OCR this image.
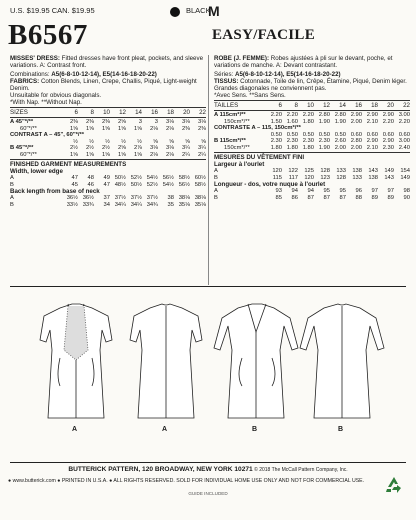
U.S. $19.95 CAN. $19.95	BLACK
M
B6567	EASY/FACILE
MISSES' DRESS: Fitted dresses have front pleat, pockets, and sleeve variations. A: Contrast front.
Combinations: A5(6-8-10-12-14), E5(14-16-18-20-22)
FABRICS: Cotton Blends, Linen, Crepe, Challis, Piqué, Light-weight Denim.
Unsuitable for obvious diagonals.
*With Nap. **Without Nap.
SIZES	6	8	10	12	14	16	18	20	22
A 45"*/**	2⅜	2⅜	2⅜	2⅝	3	3	3⅛	3⅛	3⅛
60"*/**	1⅝	1⅝	1⅝	1⅝	1⅝	2⅛	2⅛	2⅜	2⅜
CONTRAST A – 45", 60"*/**
½	½	½	½	½	⅝	⅝	⅝	⅝
B 45"*/**	2½	2½	2½	2⅝	2⅞	3⅛	3⅛	3¼	3¼
60"*/**	1⅝	1⅝	1⅝	1⅝	1⅝	2⅛	2⅛	2¼	2¼
FINISHED GARMENT MEASUREMENTS
Width, lower edge
A	47	48	49 50½ 52½ 54½ 56½ 58½ 60½
B	45	46	47 48½ 50½ 52½ 54½ 56½ 58½
Back length from base of neck
A	36½ 36½	37 37½ 37½ 37½	38 38⅛ 38⅛
B	33½ 33¾	34 34¼ 34¼ 34¾	35 35⅛ 35⅛
ROBE (J. FEMME): Robes ajustées à pli sur le devant, poche, et variations de manche. A: Devant contrastant.
Séries: A5(6-8-10-12-14), E5(14-16-18-20-22)
TISSUS: Cotonnade, Toile de lin, Crêpe, Étamine, Piqué, Denim léger.
Grandes diagonales ne conviennent pas.
*Avec Sens. **Sans Sens.
TAILLES	6	8	10	12	14	16	18	20	22
A 115cm*/**	2.20 2.20 2.20 2.80 2.80 2.90 2.90 2.90 3.00
150cm*/**	1.50 1.60 1.80 1.90 1.90 2.00 2.10 2.20 2.20
CONTRASTE A – 115, 150cm*/**
0.50 0.50 0.50 0.50 0.50 0.60 0.60 0.60 0.60
B 115cm*/**	2.30 2.30 2.30 2.30 2.60 2.80 2.90 2.90 3.00
150cm*/**	1.80 1.80 1.80 1.90 2.00 2.00 2.10 2.30 2.40
MESURES DU VÊTEMENT FINI
Largeur à l'ourlet
A	120	122	125	128	133	138	143	149	154
B	115	117	120	123	128	133	138	143	149
Longueur - dos, votre nuque à l'ourlet
A	93	94	94	95	95	96	97	97	98
B	85	86	87	87	87	88	89	89	90
A	A	B	B
BUTTERICK PATTERN, 120 BROADWAY, NEW YORK 10271 © 2018 The McCall Pattern Company, Inc.
● www.butterick.com ● PRINTED IN U.S.A. ● ALL RIGHTS RESERVED. SOLD FOR INDIVIDUAL HOME USE ONLY AND NOT FOR COMMERCIAL USE.
GUIDE INCLUDED
